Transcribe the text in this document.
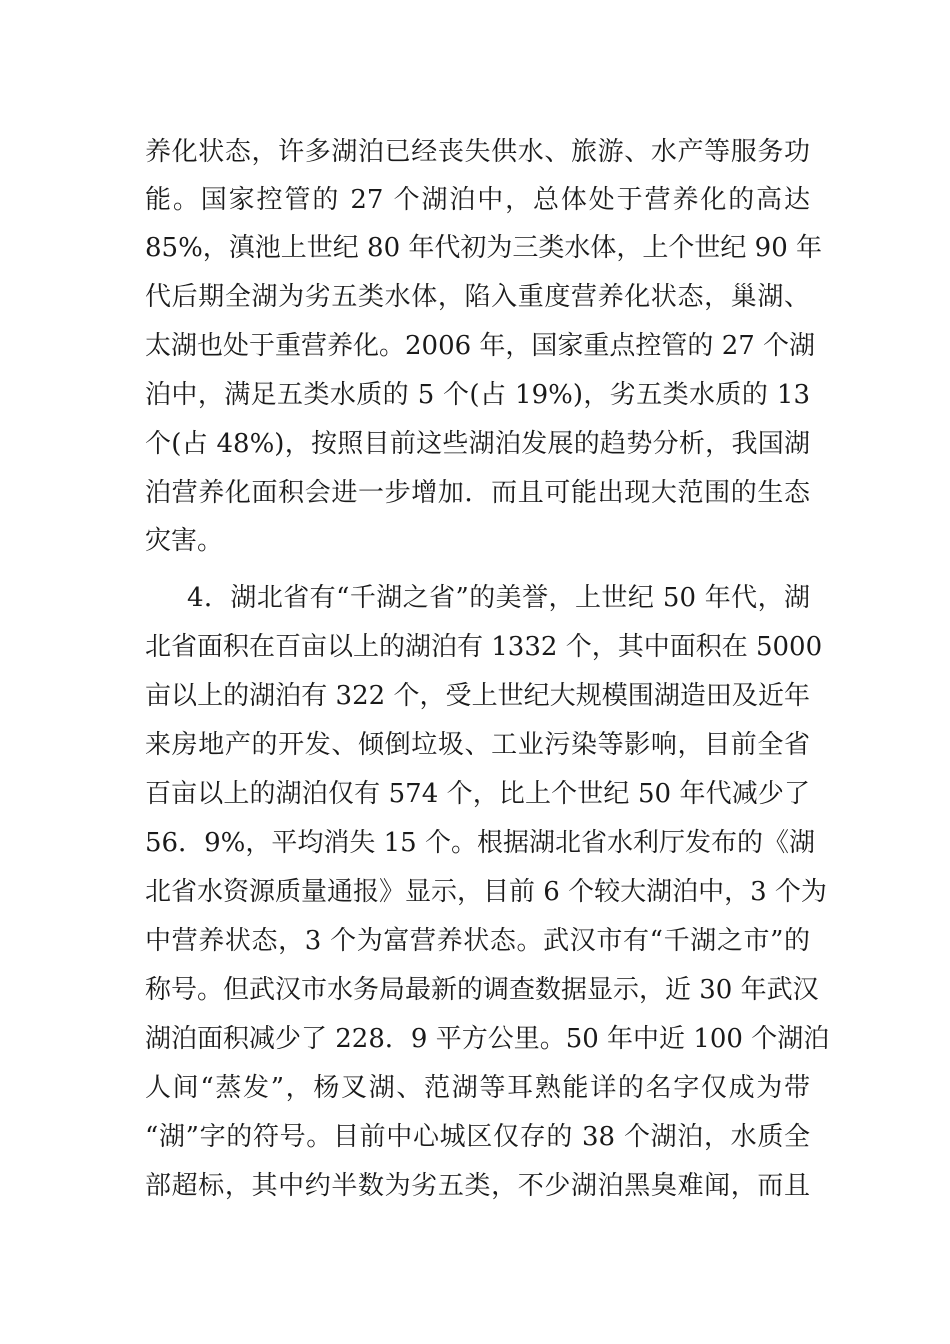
养化状态，许多湖泊已经丧失供水、旅游、水产等服务功
能。国家控管的 27 个湖泊中，总体处于营养化的高达
85%，滇池上世纪 80 年代初为三类水体，上个世纪 90 年
代后期全湖为劣五类水体，陷入重度营养化状态，巢湖、
太湖也处于重营养化。2006 年，国家重点控管的 27 个湖
泊中，满足五类水质的 5 个(占 19%)，劣五类水质的 13
个(占 48%)，按照目前这些湖泊发展的趋势分析，我国湖
泊营养化面积会进一步增加．而且可能出现大范围的生态
灾害。
4．湖北省有“千湖之省”的美誉，上世纪 50 年代，湖
北省面积在百亩以上的湖泊有 1332 个，其中面积在 5000
亩以上的湖泊有 322 个，受上世纪大规模围湖造田及近年
来房地产的开发、倾倒垃圾、工业污染等影响，目前全省
百亩以上的湖泊仅有 574 个，比上个世纪 50 年代减少了
56．9%，平均消失 15 个。根据湖北省水利厅发布的《湖
北省水资源质量通报》显示，目前 6 个较大湖泊中，3 个为
中营养状态，3 个为富营养状态。武汉市有“千湖之市”的
称号。但武汉市水务局最新的调查数据显示，近 30 年武汉
湖泊面积减少了 228．9 平方公里。50 年中近 100 个湖泊
人间“蒸发”，杨叉湖、范湖等耳熟能详的名字仅成为带
“湖”字的符号。目前中心城区仅存的 38 个湖泊，水质全
部超标，其中约半数为劣五类，不少湖泊黑臭难闻，而且
